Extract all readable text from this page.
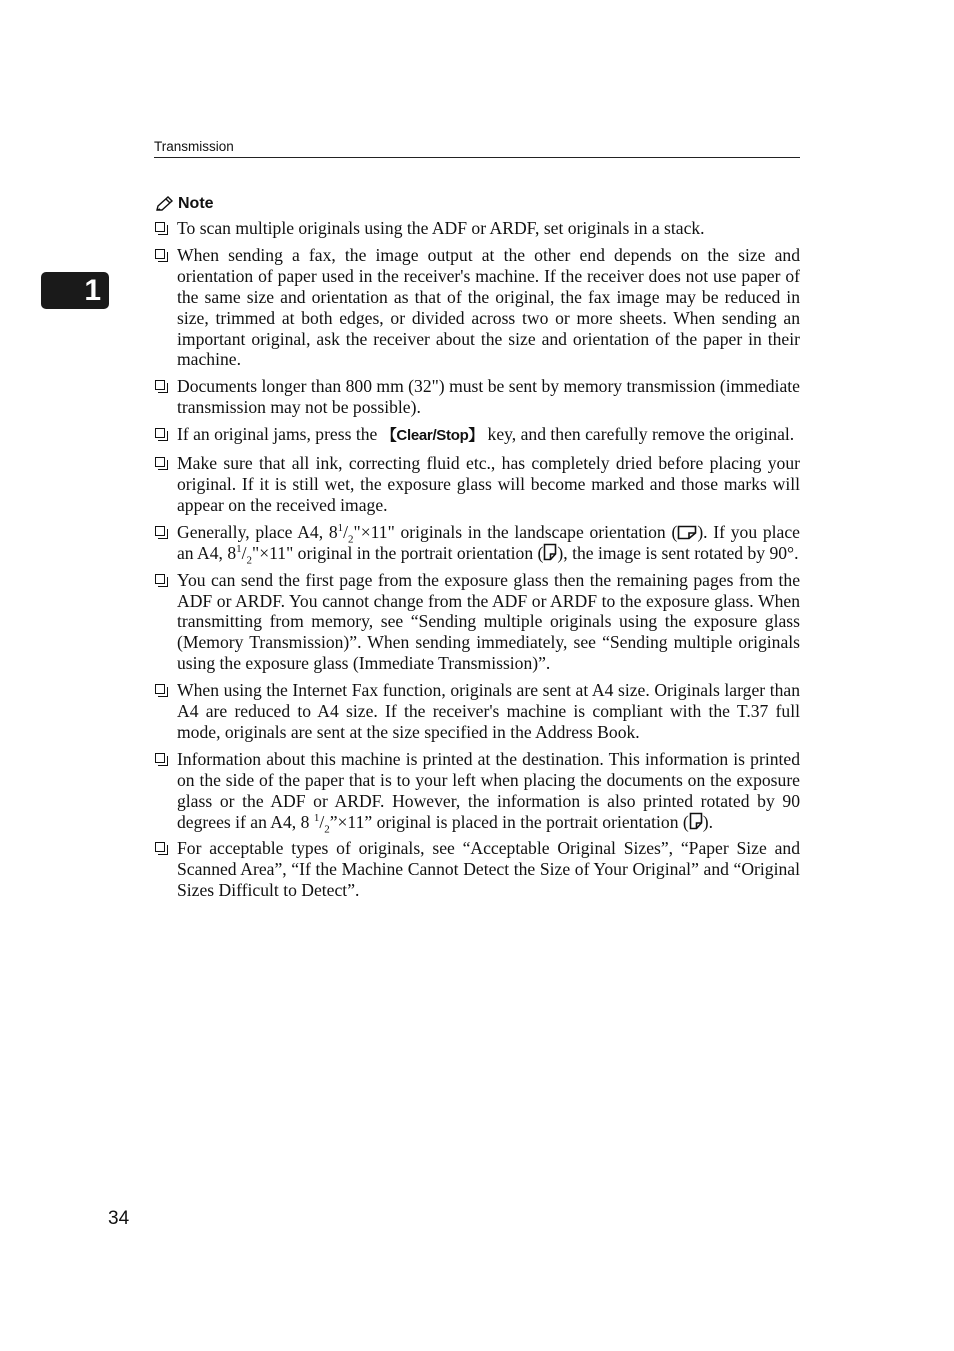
Transmission
1
Note
To scan multiple originals using the ADF or ARDF, set originals in a stack.
When sending a fax, the image output at the other end depends on the size and orientation of paper used in the receiver's machine. If the receiver does not use paper of the same size and orientation as that of the original, the fax image may be reduced in size, trimmed at both edges, or divided across two or more sheets. When sending an important original, ask the receiver about the size and orientation of the paper in their machine.
Documents longer than 800 mm (32") must be sent by memory transmission (immediate transmission may not be possible).
If an original jams, press the 【Clear/Stop】 key, and then carefully remove the original.
Make sure that all ink, correcting fluid etc., has completely dried before placing your original. If it is still wet, the exposure glass will become marked and those marks will appear on the received image.
Generally, place A4, $8^1/_2"\times 11$" originals in the landscape orientation ( ). If you place an A4, $8^1/_2"\times 11$" original in the portrait orientation ( ), the image is sent rotated by 90°.
You can send the first page from the exposure glass then the remaining pages from the ADF or ARDF. You cannot change from the ADF or ARDF to the exposure glass. When transmitting from memory, see “Sending multiple originals using the exposure glass (Memory Transmission)”. When sending immediately, see “Sending multiple originals using the exposure glass (Immediate Transmission)”.
When using the Internet Fax function, originals are sent at A4 size. Originals larger than A4 are reduced to A4 size. If the receiver's machine is compliant with the T.37 full mode, originals are sent at the size specified in the Address Book.
Information about this machine is printed at the destination. This information is printed on the side of the paper that is to your left when placing the documents on the exposure glass or the ADF or ARDF. However, the information is also printed rotated by 90 degrees if an A4, 8 $^1/_2”\times 11$” original is placed in the portrait orientation ( ).
For acceptable types of originals, see “Acceptable Original Sizes”, “Paper Size and Scanned Area”, “If the Machine Cannot Detect the Size of Your Original” and “Original Sizes Difficult to Detect”.
34
